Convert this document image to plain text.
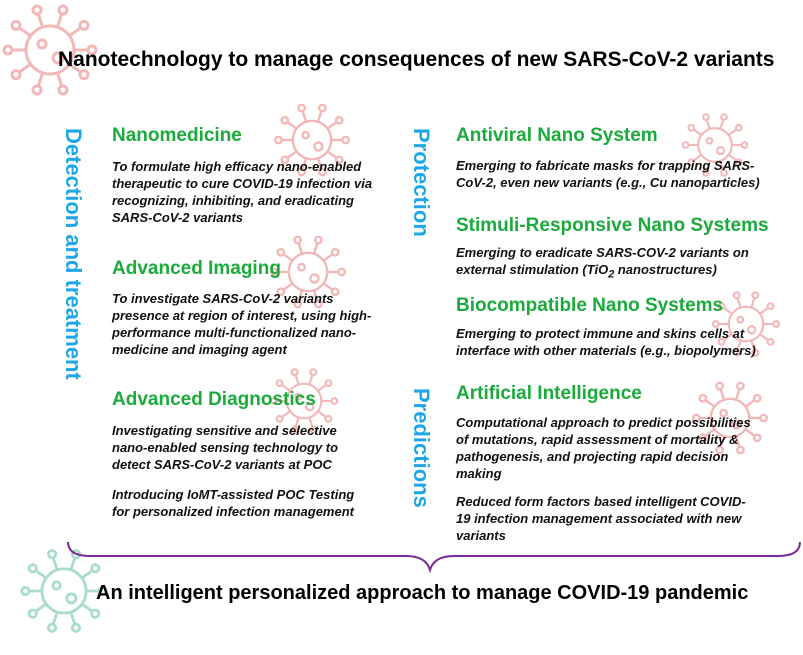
Nanotechnology to manage consequences of new SARS-CoV-2 variants
Detection and treatment	Protection
Predictions
Nanomedicine
To formulate high efficacy nano-enabled therapeutic to cure COVID-19 infection via recognizing, inhibiting, and eradicating SARS-CoV-2 variants
Advanced Imaging
To investigate SARS-CoV-2 variants presence at region of interest, using high-performance multi-functionalized nano-medicine and imaging agent
Advanced Diagnostics
Investigating sensitive and selective nano-enabled sensing technology to detect SARS-CoV-2 variants at POC
Introducing IoMT-assisted POC Testing for personalized infection management
Antiviral Nano System
Emerging to fabricate masks for trapping SARS-CoV-2, even new variants (e.g., Cu nanoparticles)
Stimuli-Responsive Nano Systems
Emerging to eradicate SARS-COV-2 variants on external stimulation (TiO$_2$ nanostructures)
Biocompatible Nano Systems
Emerging to protect immune and skins cells at interface with other materials (e.g., biopolymers)
Artificial Intelligence
Computational approach to predict possibilities of mutations, rapid assessment of mortality & pathogenesis, and projecting rapid decision making
Reduced form factors based intelligent COVID-19 infection management associated with new variants
An intelligent personalized approach to manage COVID-19 pandemic
